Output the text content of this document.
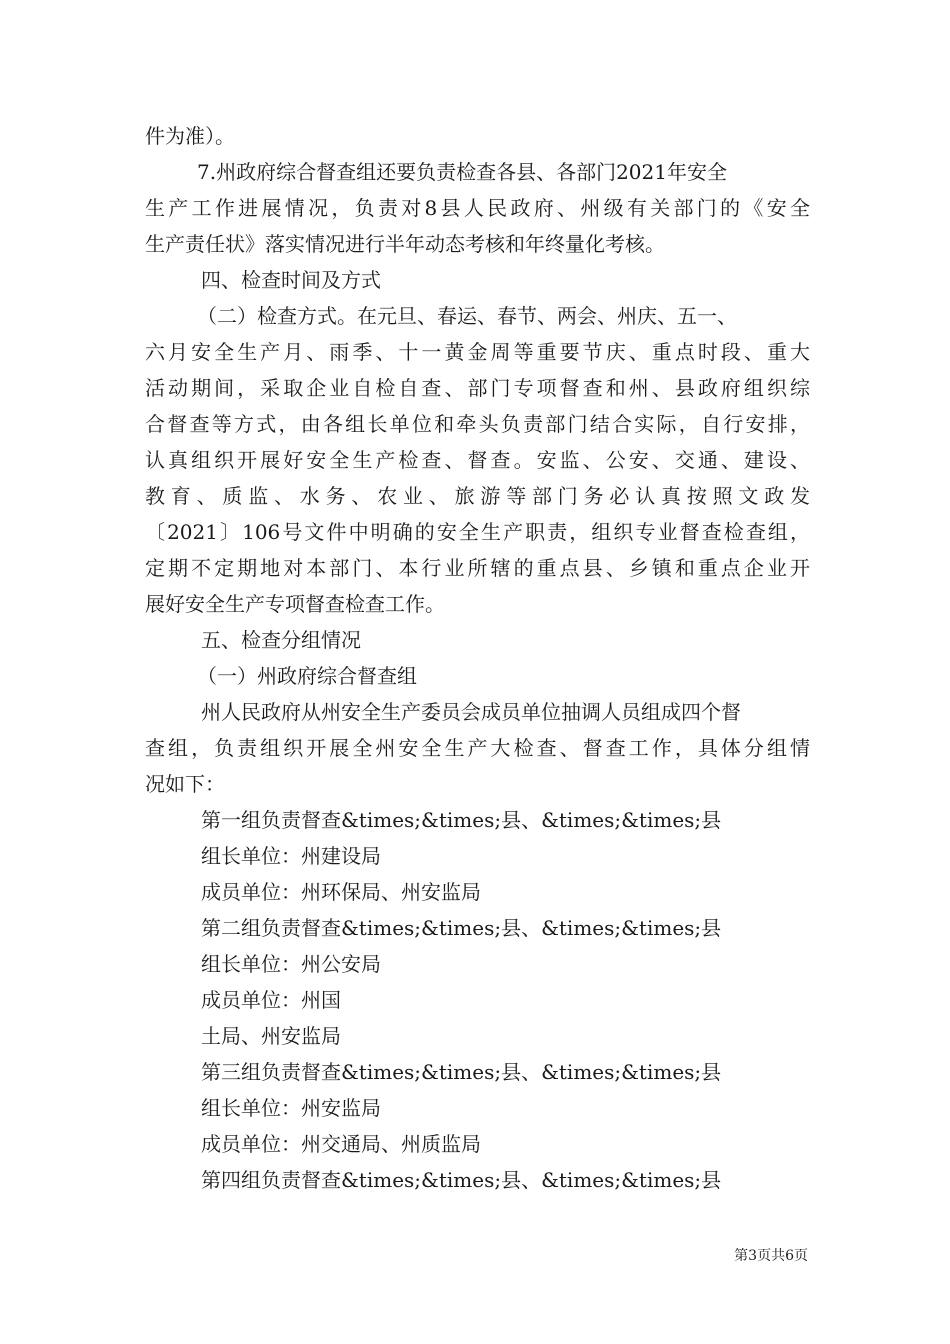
件为准）。
7.州政府综合督查组还要负责检查各县、各部门2021年安全
生产工作进展情况，负责对8县人民政府、州级有关部门的《安全
生产责任状》落实情况进行半年动态考核和年终量化考核。
四、检查时间及方式
（二）检查方式。在元旦、春运、春节、两会、州庆、五一、
六月安全生产月、雨季、十一黄金周等重要节庆、重点时段、重大
活动期间，采取企业自检自查、部门专项督查和州、县政府组织综
合督查等方式，由各组长单位和牵头负责部门结合实际，自行安排，
认真组织开展好安全生产检查、督查。安监、公安、交通、建设、
教育、质监、水务、农业、旅游等部门务必认真按照文政发
〔2021〕106号文件中明确的安全生产职责，组织专业督查检查组，
定期不定期地对本部门、本行业所辖的重点县、乡镇和重点企业开
展好安全生产专项督查检查工作。
五、检查分组情况
（一）州政府综合督查组
州人民政府从州安全生产委员会成员单位抽调人员组成四个督
查组，负责组织开展全州安全生产大检查、督查工作，具体分组情
况如下：
第一组负责督查&times;&times;县、&times;&times;县
组长单位：州建设局
成员单位：州环保局、州安监局
第二组负责督查&times;&times;县、&times;&times;县
组长单位：州公安局
成员单位：州国
土局、州安监局
第三组负责督查&times;&times;县、&times;&times;县
组长单位：州安监局
成员单位：州交通局、州质监局
第四组负责督查&times;&times;县、&times;&times;县
第3页共6页
